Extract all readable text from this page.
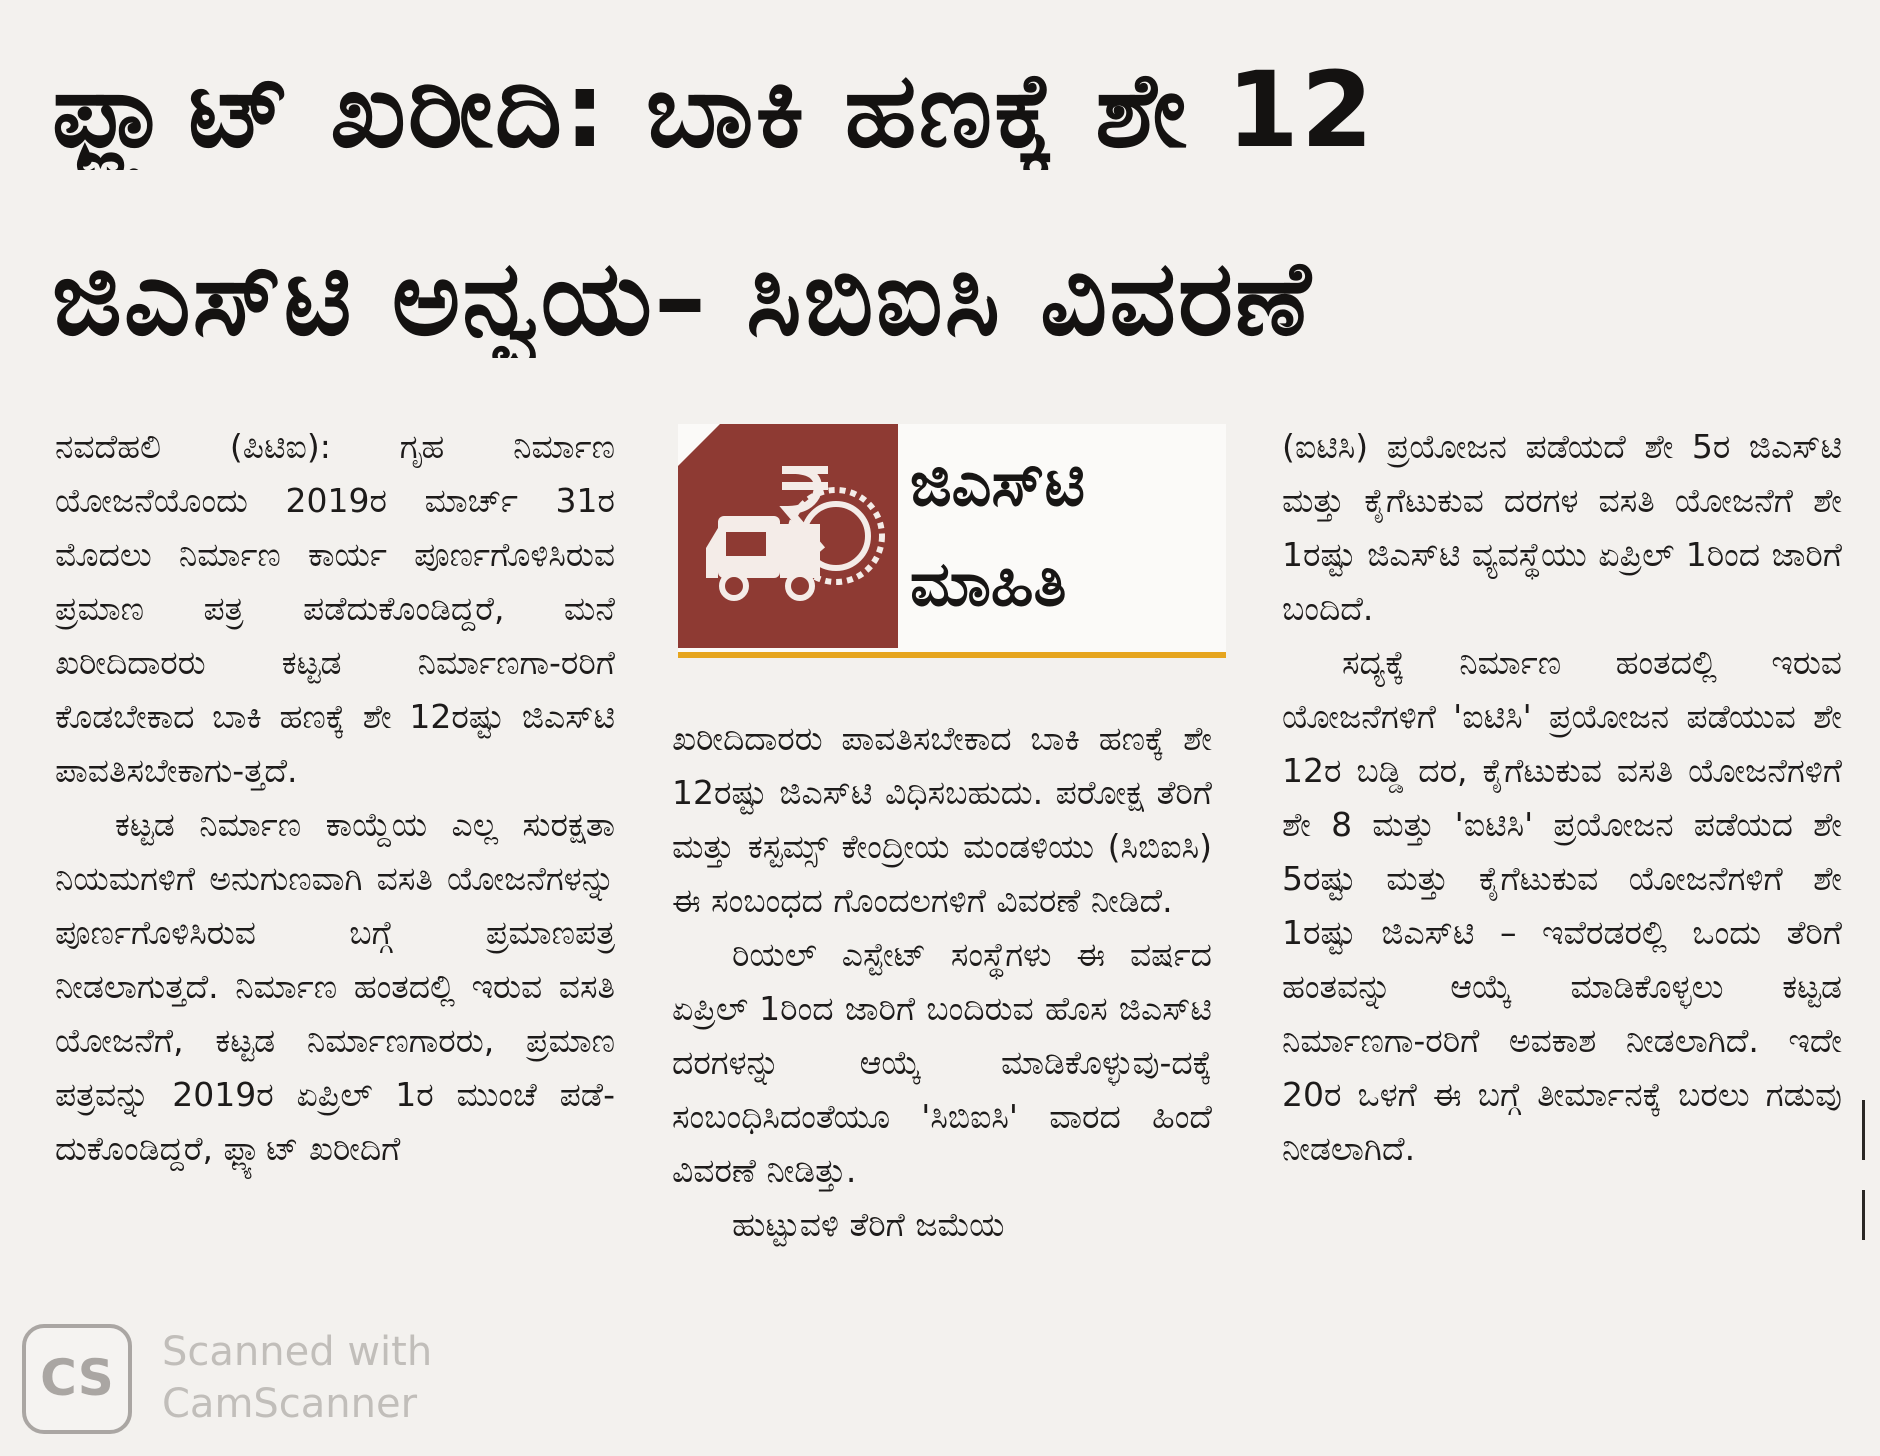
ಫ್ಲ್ಯಾಟ್ ಖರೀದಿ: ಬಾಕಿ ಹಣಕ್ಕೆ ಶೇ 12
ಜಿಎಸ್‌ಟಿ ಅನ್ವಯ– ಸಿಬಿಐಸಿ ವಿವರಣೆ

ನವದೆಹಲಿ (ಪಿಟಿಐ): ಗೃಹ ನಿರ್ಮಾಣ ಯೋಜನೆಯೊಂದು 2019ರ ಮಾರ್ಚ್ 31ರ ಮೊದಲು ನಿರ್ಮಾಣ ಕಾರ್ಯ ಪೂರ್ಣಗೊಳಿಸಿರುವ ಪ್ರಮಾಣ ಪತ್ರ ಪಡೆದುಕೊಂಡಿದ್ದರೆ, ಮನೆ ಖರೀದಿದಾರರು ಕಟ್ಟಡ ನಿರ್ಮಾಣಗಾ-ರರಿಗೆ ಕೊಡಬೇಕಾದ ಬಾಕಿ ಹಣಕ್ಕೆ ಶೇ 12ರಷ್ಟು ಜಿಎಸ್‌ಟಿ ಪಾವತಿಸಬೇಕಾಗು-ತ್ತದೆ.

ಕಟ್ಟಡ ನಿರ್ಮಾಣ ಕಾಯ್ದೆಯ ಎಲ್ಲ ಸುರಕ್ಷತಾ ನಿಯಮಗಳಿಗೆ ಅನುಗುಣವಾಗಿ ವಸತಿ ಯೋಜನೆಗಳನ್ನು ಪೂರ್ಣಗೊಳಿಸಿರುವ ಬಗ್ಗೆ ಪ್ರಮಾಣಪತ್ರ ನೀಡಲಾಗುತ್ತದೆ. ನಿರ್ಮಾಣ ಹಂತದಲ್ಲಿ ಇರುವ ವಸತಿ ಯೋಜನೆಗೆ, ಕಟ್ಟಡ ನಿರ್ಮಾಣಗಾರರು, ಪ್ರಮಾಣ ಪತ್ರವನ್ನು 2019ರ ಏಪ್ರಿಲ್ 1ರ ಮುಂಚೆ ಪಡೆ-ದುಕೊಂಡಿದ್ದರೆ, ಫ್ಲ್ಯಾಟ್ ಖರೀದಿಗೆ

ಜಿಎಸ್‌ಟಿ
ಮಾಹಿತಿ

ಖರೀದಿದಾರರು ಪಾವತಿಸಬೇಕಾದ ಬಾಕಿ ಹಣಕ್ಕೆ ಶೇ 12ರಷ್ಟು ಜಿಎಸ್‌ಟಿ ವಿಧಿಸಬಹುದು. ಪರೋಕ್ಷ ತೆರಿಗೆ ಮತ್ತು ಕಸ್ಟಮ್ಸ್ ಕೇಂದ್ರೀಯ ಮಂಡಳಿಯು (ಸಿಬಿಐಸಿ) ಈ ಸಂಬಂಧದ ಗೊಂದಲಗಳಿಗೆ ವಿವರಣೆ ನೀಡಿದೆ.

ರಿಯಲ್ ಎಸ್ಟೇಟ್ ಸಂಸ್ಥೆಗಳು ಈ ವರ್ಷದ ಏಪ್ರಿಲ್ 1ರಿಂದ ಜಾರಿಗೆ ಬಂದಿರುವ ಹೊಸ ಜಿಎಸ್‌ಟಿ ದರಗಳನ್ನು ಆಯ್ಕೆ ಮಾಡಿಕೊಳ್ಳುವು-ದಕ್ಕೆ ಸಂಬಂಧಿಸಿದಂತೆಯೂ 'ಸಿಬಿಐಸಿ' ವಾರದ ಹಿಂದೆ ವಿವರಣೆ ನೀಡಿತ್ತು.

ಹುಟ್ಟುವಳಿ ತೆರಿಗೆ ಜಮೆಯ

(ಐಟಿಸಿ) ಪ್ರಯೋಜನ ಪಡೆಯದೆ ಶೇ 5ರ ಜಿಎಸ್‌ಟಿ ಮತ್ತು ಕೈಗೆಟುಕುವ ದರಗಳ ವಸತಿ ಯೋಜನೆಗೆ ಶೇ 1ರಷ್ಟು ಜಿಎಸ್‌ಟಿ ವ್ಯವಸ್ಥೆಯು ಏಪ್ರಿಲ್ 1ರಿಂದ ಜಾರಿಗೆ ಬಂದಿದೆ.

ಸದ್ಯಕ್ಕೆ ನಿರ್ಮಾಣ ಹಂತದಲ್ಲಿ ಇರುವ ಯೋಜನೆಗಳಿಗೆ 'ಐಟಿಸಿ' ಪ್ರಯೋಜನ ಪಡೆಯುವ ಶೇ 12ರ ಬಡ್ಡಿ ದರ, ಕೈಗೆಟುಕುವ ವಸತಿ ಯೋಜನೆಗಳಿಗೆ ಶೇ 8 ಮತ್ತು 'ಐಟಿಸಿ' ಪ್ರಯೋಜನ ಪಡೆಯದ ಶೇ 5ರಷ್ಟು ಮತ್ತು ಕೈಗೆಟುಕುವ ಯೋಜನೆಗಳಿಗೆ ಶೇ 1ರಷ್ಟು ಜಿಎಸ್‌ಟಿ – ಇವೆರಡರಲ್ಲಿ ಒಂದು ತೆರಿಗೆ ಹಂತವನ್ನು ಆಯ್ಕೆ ಮಾಡಿಕೊಳ್ಳಲು ಕಟ್ಟಡ ನಿರ್ಮಾಣಗಾ-ರರಿಗೆ ಅವಕಾಶ ನೀಡಲಾಗಿದೆ. ಇದೇ 20ರ ಒಳಗೆ ಈ ಬಗ್ಗೆ ತೀರ್ಮಾನಕ್ಕೆ ಬರಲು ಗಡುವು ನೀಡಲಾಗಿದೆ.

CS	Scanned with
CamScanner
